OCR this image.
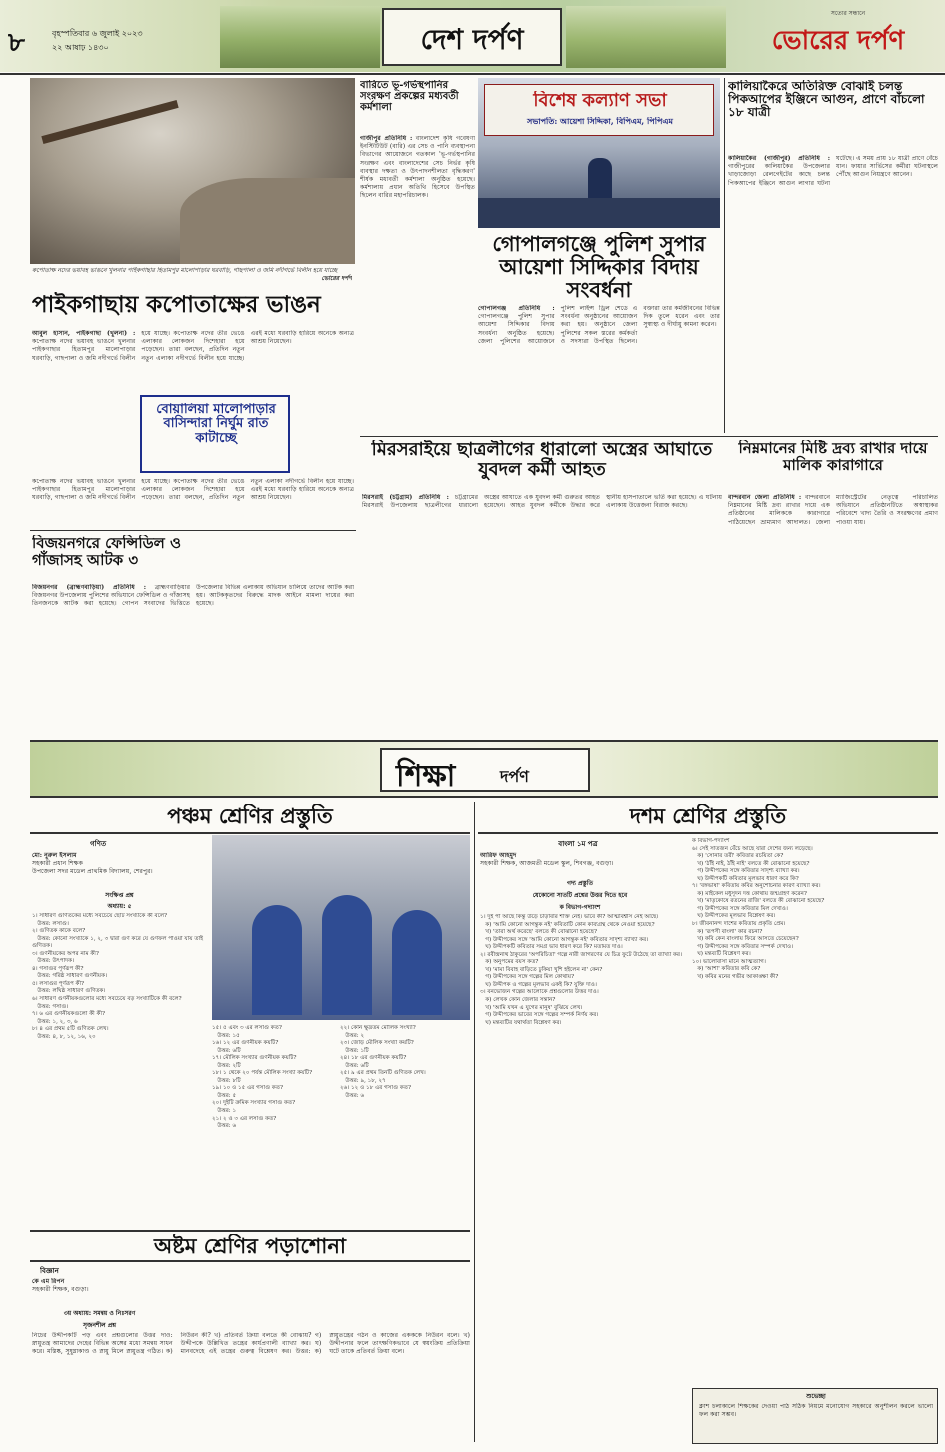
৮	বৃহস্পতিবার ৬ জুলাই ২০২৩
২২ আষাঢ় ১৪৩০	দেশ দর্পণ
সত্যের সন্ধানে
ভোরের দর্পণ
কপোতাক্ষ নদের ভয়াবহ ভাঙনে খুলনার পাইকগাছার হিতামপুর মালোপাড়ার ঘরবাড়ি, গাছপালা ও জমি নদীগর্ভে বিলীন হয়ে যাচ্ছে
ভোরের দর্পণ
পাইকগাছায় কপোতাক্ষের ভাঙন
আবুল হাসান, পাইকগাছা (খুলনা) : কপোতাক্ষ নদের ভয়াবহ ভাঙনে খুলনার পাইকগাছার হিতামপুর মালোপাড়ার ঘরবাড়ি, গাছপালা ও জমি নদীগর্ভে বিলীন হয়ে যাচ্ছে। কপোতাক্ষ নদের তীর ভেঙে এলাকার লোকজন দিশেহারা হয়ে পড়েছেন। তারা বলছেন, প্রতিদিন নতুন নতুন এলাকা নদীগর্ভে বিলীন হয়ে যাচ্ছে। এরই মধ্যে ঘরবাড়ি হারিয়ে অনেকে অন্যত্র আশ্রয় নিয়েছেন।
বোয়ালিয়া মালোপাড়ার বাসিন্দারা নির্ঘুম রাত কাটাচ্ছে
কপোতাক্ষ নদের ভয়াবহ ভাঙনে খুলনার পাইকগাছার হিতামপুর মালোপাড়ার ঘরবাড়ি, গাছপালা ও জমি নদীগর্ভে বিলীন হয়ে যাচ্ছে। কপোতাক্ষ নদের তীর ভেঙে এলাকার লোকজন দিশেহারা হয়ে পড়েছেন। তারা বলছেন, প্রতিদিন নতুন নতুন এলাকা নদীগর্ভে বিলীন হয়ে যাচ্ছে। এরই মধ্যে ঘরবাড়ি হারিয়ে অনেকে অন্যত্র আশ্রয় নিয়েছেন।
বারিতে ভূ-গর্ভস্থপানির সংরক্ষণ প্রকল্পের মধ্যবর্তী কর্মশালা
গাজীপুর প্রতিনিধি : বাংলাদেশ কৃষি গবেষণা ইনস্টিটিউট (বারি) এর সেচ ও পানি ব্যবস্থাপনা বিভাগের আয়োজনে গতকাল 'ভূ-গর্ভস্থপানির সংরক্ষণ এবং বাংলাদেশের সেচ নির্ভর কৃষি ব্যবস্থার দক্ষতা ও উৎপাদনশীলতা বৃদ্ধিকরণ' শীর্ষক মধ্যবর্তী কর্মশালা অনুষ্ঠিত হয়েছে। কর্মশালায় প্রধান অতিথি হিসেবে উপস্থিত ছিলেন বারির মহাপরিচালক।
বিশেষ কল্যাণ সভা
সভাপতি: আয়েশা সিদ্দিকা, বিপিএম, পিপিএম
গোপালগঞ্জে পুলিশ সুপার আয়েশা সিদ্দিকার বিদায় সংবর্ধনা
গোপালগঞ্জ প্রতিনিধি : গোপালগঞ্জে পুলিশ সুপার আয়েশা সিদ্দিকার বিদায় সংবর্ধনা অনুষ্ঠিত হয়েছে। জেলা পুলিশের আয়োজনে পুলিশ লাইন্স ড্রিল শেডে এ সংবর্ধনা অনুষ্ঠানের আয়োজন করা হয়। অনুষ্ঠানে জেলা পুলিশের সকল স্তরের কর্মকর্তা ও সদস্যরা উপস্থিত ছিলেন। বক্তারা তার কর্মজীবনের বিভিন্ন দিক তুলে ধরেন এবং তার সুস্বাস্থ্য ও দীর্ঘায়ু কামনা করেন।
কালিয়াকৈরে অতিরিক্ত বোঝাই চলন্ত পিকআপের ইঞ্জিনে আগুন, প্রাণে বাঁচলো ১৮ যাত্রী
কালিয়াকৈর (গাজীপুর) প্রতিনিধি : গাজীপুরের কালিয়াকৈর উপজেলার খাড়াজোড়া রেলগেইটের কাছে চলন্ত পিকআপের ইঞ্জিনে আগুন লাগার ঘটনা ঘটেছে। এ সময় প্রায় ১৮ যাত্রী প্রাণে বেঁচে যান। ফায়ার সার্ভিসের কর্মীরা ঘটনাস্থলে পৌঁছে আগুন নিয়ন্ত্রণে আনেন।
মিরসরাইয়ে ছাত্রলীগের ধারালো অস্ত্রের আঘাতে যুবদল কর্মী আহত
মিরসরাই (চট্টগ্রাম) প্রতিনিধি : চট্টগ্রামের মিরসরাই উপজেলায় ছাত্রলীগের ধারালো অস্ত্রের আঘাতে এক যুবদল কর্মী গুরুতর আহত হয়েছেন। আহত যুবদল কর্মীকে উদ্ধার করে স্থানীয় হাসপাতালে ভর্তি করা হয়েছে। এ ঘটনায় এলাকায় উত্তেজনা বিরাজ করছে।
নিম্নমানের মিষ্টি দ্রব্য রাখার দায়ে মালিক কারাগারে
বান্দরবান জেলা প্রতিনিধি : বান্দরবানে নিম্নমানের মিষ্টি দ্রব্য রাখার দায়ে এক প্রতিষ্ঠানের মালিককে কারাগারে পাঠিয়েছেন ভ্রাম্যমাণ আদালত। জেলা ম্যাজিস্ট্রেটের নেতৃত্বে পরিচালিত অভিযানে প্রতিষ্ঠানটিতে অস্বাস্থ্যকর পরিবেশে খাদ্য তৈরি ও সংরক্ষণের প্রমাণ পাওয়া যায়।
বিজয়নগরে ফেন্সিডিল ও গাঁজাসহ আটক ৩
বিজয়নগর (ব্রাহ্মণবাড়িয়া) প্রতিনিধি : ব্রাহ্মণবাড়িয়ার বিজয়নগর উপজেলায় পুলিশের অভিযানে ফেন্সিডিল ও গাঁজাসহ তিনজনকে আটক করা হয়েছে। গোপন সংবাদের ভিত্তিতে উপজেলার বিভিন্ন এলাকায় অভিযান চালিয়ে তাদের আটক করা হয়। আটককৃতদের বিরুদ্ধে মাদক আইনে মামলা দায়ের করা হয়েছে।
শিক্ষা	দর্পণ
পঞ্চম শ্রেণির প্রস্তুতি
গণিত
মো: নুরুল ইসলাম
সহকারী প্রধান শিক্ষক
উপজেলা সদর মডেল প্রাথমিক বিদ্যালয়, শেরপুর।
সংক্ষিপ্ত প্রশ্ন
অধ্যায়: ৫
১। সাধারণ গুণিতকের মধ্যে সবচেয়ে ছোট সংখ্যাকে কী বলে?
উত্তর: লসাগু।
২। গুণিতক কাকে বলে?
উত্তর: কোনো সংখ্যাকে ১, ২, ৩ দ্বারা গুণ করে যে গুণফল পাওয়া যায় তাই গুণিতক।
৩। গুণনীয়কের অপর নাম কী?
উত্তর: উৎপাদক।
৪। গসাগুর পূর্ণরূপ কী?
উত্তর: গরিষ্ঠ সাধারণ গুণনীয়ক।
৫। লসাগুর পূর্ণরূপ কী?
উত্তর: লঘিষ্ঠ সাধারণ গুণিতক।
৬। সাধারণ গুণনীয়কগুলোর মধ্যে সবচেয়ে বড় সংখ্যাটিকে কী বলে?
উত্তর: গসাগু।
৭। ৬ এর গুণনীয়কগুলো কী কী?
উত্তর: ১, ২, ৩, ৬
৮। ৪ এর প্রথম ৫টি গুণিতক লেখ।
উত্তর: ৪, ৮, ১২, ১৬, ২০
১৫। ৫ এবং ৩ এর লসাগু কত?
উত্তর: ১৫
১৬। ১২ এর গুণনীয়ক কয়টি?
উত্তর: ৬টি
১৭। মৌলিক সংখ্যার গুণনীয়ক কয়টি?
উত্তর: ২টি
১৮। ১ থেকে ২০ পর্যন্ত মৌলিক সংখ্যা কয়টি?
উত্তর: ৮টি
১৯। ১০ ও ১৫ এর গসাগু কত?
উত্তর: ৫
২০। দুইটি ক্রমিক সংখ্যার গসাগু কত?
উত্তর: ১
২১। ২ ও ৩ এর লসাগু কত?
উত্তর: ৬
২২। কোন ক্ষুদ্রতম মৌলিক সংখ্যা?
উত্তর: ২
২৩। জোড় মৌলিক সংখ্যা কয়টি?
উত্তর: ১টি
২৪। ১৮ এর গুণনীয়ক কয়টি?
উত্তর: ৬টি
২৫। ৯ এর প্রথম তিনটি গুণিতক লেখ।
উত্তর: ৯, ১৮, ২৭
২৬। ১২ ও ১৮ এর গসাগু কত?
উত্তর: ৬
অষ্টম শ্রেণির পড়াশোনা
বিজ্ঞান
কে এম রিপন
সহকারী শিক্ষক, বগুড়া।
৩য় অধ্যায়: সমন্বয় ও নিঃসরণ
সৃজনশীল প্রশ্ন
নিচের উদ্দীপকটি পড় এবং প্রশ্নগুলোর উত্তর দাও: স্নায়ুতন্ত্র আমাদের দেহের বিভিন্ন অঙ্গের মধ্যে সমন্বয় সাধন করে। মস্তিষ্ক, সুষুম্নাকাণ্ড ও স্নায়ু মিলে স্নায়ুতন্ত্র গঠিত। ক) নিউরন কী? খ) প্রতিবর্ত ক্রিয়া বলতে কী বোঝায়? গ) উদ্দীপকে উল্লিখিত তন্ত্রের কার্যপ্রণালী ব্যাখ্যা কর। ঘ) মানবদেহে এই তন্ত্রের গুরুত্ব বিশ্লেষণ কর। উত্তর: ক) স্নায়ুতন্ত্রের গঠন ও কাজের একককে নিউরন বলে। খ) উদ্দীপনার ফলে তাৎক্ষণিকভাবে যে স্বয়ংক্রিয় প্রতিক্রিয়া ঘটে তাকে প্রতিবর্ত ক্রিয়া বলে।
দশম শ্রেণির প্রস্তুতি
বাংলা ১ম পত্র
আরিফ আহমুদ
সহকারী শিক্ষক, আজমতী মডেল স্কুল, শিবগঞ্জ, বগুড়া।
গদ্য প্রস্তুতি
যেকোনো সাতটি প্রশ্নের উত্তর দিতে হবে
ক বিভাগ-গদ্যাংশ
১। দুই পা আছে কিন্তু উড়ে চাঁড়াবার শক্তি নেই। ভাবে কী? আত্মবিশ্বাস নেই আছে।
ক) 'আমি কোনো আগন্তুক নই' কবিতাটি কোন কাব্যগ্রন্থ থেকে নেওয়া হয়েছে?
খ) 'তারা অর্থ করেছে' বলতে কী বোঝানো হয়েছে?
গ) উদ্দীপকের সঙ্গে 'আমি কোনো আগন্তুক নই' কবিতার সাদৃশ্য ব্যাখ্যা কর।
ঘ) উদ্দীপকটি কবিতার সমগ্র ভাব ধারণ করে কি? মতামত দাও।
২। রবীন্দ্রনাথ ঠাকুরের 'অপরিচিতা' গল্পে নারী জাগরণের যে চিত্র ফুটে উঠেছে তা ব্যাখ্যা কর।
ক) অনুপমের বয়স কত?
খ) 'মামা বিবাহ বাড়িতে ঢুকিয়া খুশি হইলেন না' কেন?
গ) উদ্দীপকের সঙ্গে গল্পের মিল কোথায়?
ঘ) উদ্দীপক ও গল্পের মূলভাব একই কি? যুক্তি দাও।
৩। বনভোজন গল্পের আলোকে প্রশ্নগুলোর উত্তর দাও।
ক) লেখক কোন জেলার সন্তান?
খ) 'আমি যখন এ যুগের মানুষ' বুঝিয়ে লেখ।
গ) উদ্দীপকের ভাবের সঙ্গে গল্পের সম্পর্ক নির্ণয় কর।
ঘ) মন্তব্যটির যথার্থতা বিশ্লেষণ কর।
ক বিভাগ-পদ্যাংশ
৬। সেই সাতজন বেঁচে আছে যারা দেশের জন্য লড়েছে।
ক) 'সোনার তরী' কবিতার রচয়িতা কে?
খ) 'ঠাঁই নাই, ঠাঁই নাই' বলতে কী বোঝানো হয়েছে?
গ) উদ্দীপকের সঙ্গে কবিতার সাদৃশ্য ব্যাখ্যা কর।
ঘ) উদ্দীপকটি কবিতার মূলভাব ধারণ করে কি?
৭। 'বঙ্গভাষা' কবিতায় কবির অনুশোচনার কারণ ব্যাখ্যা কর।
ক) মাইকেল মধুসূদন দত্ত কোথায় জন্মগ্রহণ করেন?
খ) 'মাতৃকোষে রতনের রাজি' বলতে কী বোঝানো হয়েছে?
গ) উদ্দীপকের সঙ্গে কবিতার মিল দেখাও।
ঘ) উদ্দীপকের মূলভাব বিশ্লেষণ কর।
৮। জীবনানন্দ দাশের কবিতায় প্রকৃতি প্রেম।
ক) 'রূপসী বাংলা' কার রচনা?
খ) কবি কেন বাংলায় ফিরে আসতে চেয়েছেন?
গ) উদ্দীপকের সঙ্গে কবিতার সম্পর্ক দেখাও।
ঘ) মন্তব্যটি বিশ্লেষণ কর।
১০। ভালোবাসা মানে আত্মত্যাগ।
ক) 'আশা' কবিতার কবি কে?
খ) কবির মনের গভীর আকাঙ্ক্ষা কী?
শুভেচ্ছা
ক্লাশ চলাকালে শিক্ষকের দেওয়া পাঠ সঠিক নিয়মে মনোযোগ সহকারে অনুশীলন করলে ভালো ফল করা সম্ভব।
